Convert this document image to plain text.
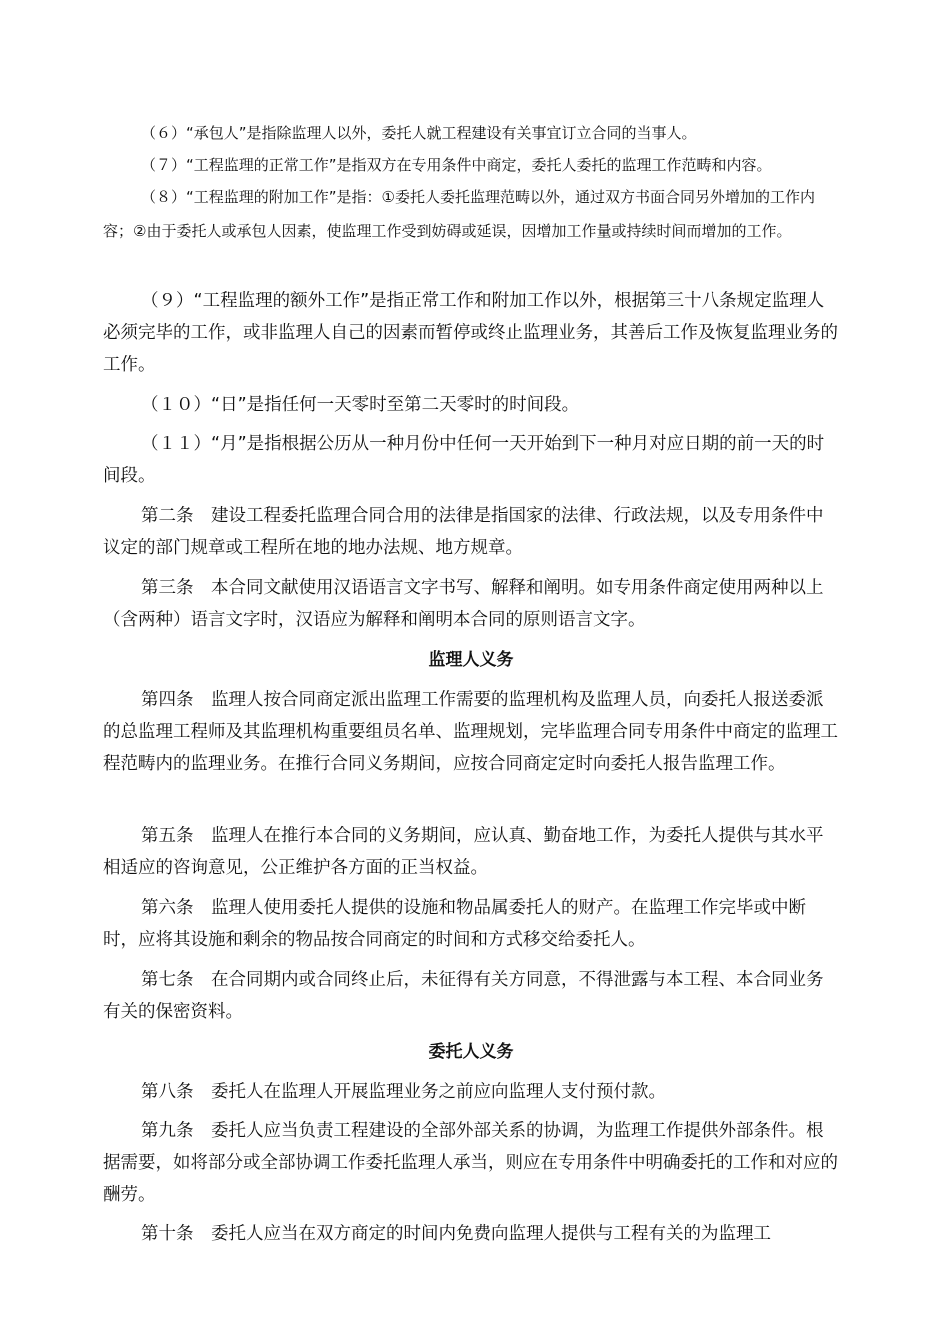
（６）“承包人”是指除监理人以外，委托人就工程建设有关事宜订立合同的当事人。

（７）“工程监理的正常工作”是指双方在专用条件中商定，委托人委托的监理工作范畴和内容。

（８）“工程监理的附加工作”是指：①委托人委托监理范畴以外，通过双方书面合同另外增加的工作内容；②由于委托人或承包人因素，使监理工作受到妨碍或延误，因增加工作量或持续时间而增加的工作。

（９）“工程监理的额外工作”是指正常工作和附加工作以外，根据第三十八条规定监理人必须完毕的工作，或非监理人自己的因素而暂停或终止监理业务，其善后工作及恢复监理业务的工作。

（１０）“日”是指任何一天零时至第二天零时的时间段。

（１１）“月”是指根据公历从一种月份中任何一天开始到下一种月对应日期的前一天的时间段。

第二条　建设工程委托监理合同合用的法律是指国家的法律、行政法规，以及专用条件中议定的部门规章或工程所在地的地办法规、地方规章。

第三条　本合同文献使用汉语语言文字书写、解释和阐明。如专用条件商定使用两种以上（含两种）语言文字时，汉语应为解释和阐明本合同的原则语言文字。

监理人义务

第四条　监理人按合同商定派出监理工作需要的监理机构及监理人员，向委托人报送委派的总监理工程师及其监理机构重要组员名单、监理规划，完毕监理合同专用条件中商定的监理工程范畴内的监理业务。在推行合同义务期间，应按合同商定定时向委托人报告监理工作。

第五条　监理人在推行本合同的义务期间，应认真、勤奋地工作，为委托人提供与其水平相适应的咨询意见，公正维护各方面的正当权益。

第六条　监理人使用委托人提供的设施和物品属委托人的财产。在监理工作完毕或中断时，应将其设施和剩余的物品按合同商定的时间和方式移交给委托人。

第七条　在合同期内或合同终止后，未征得有关方同意，不得泄露与本工程、本合同业务有关的保密资料。

委托人义务

第八条　委托人在监理人开展监理业务之前应向监理人支付预付款。

第九条　委托人应当负责工程建设的全部外部关系的协调，为监理工作提供外部条件。根据需要，如将部分或全部协调工作委托监理人承当，则应在专用条件中明确委托的工作和对应的酬劳。

第十条　委托人应当在双方商定的时间内免费向监理人提供与工程有关的为监理工
